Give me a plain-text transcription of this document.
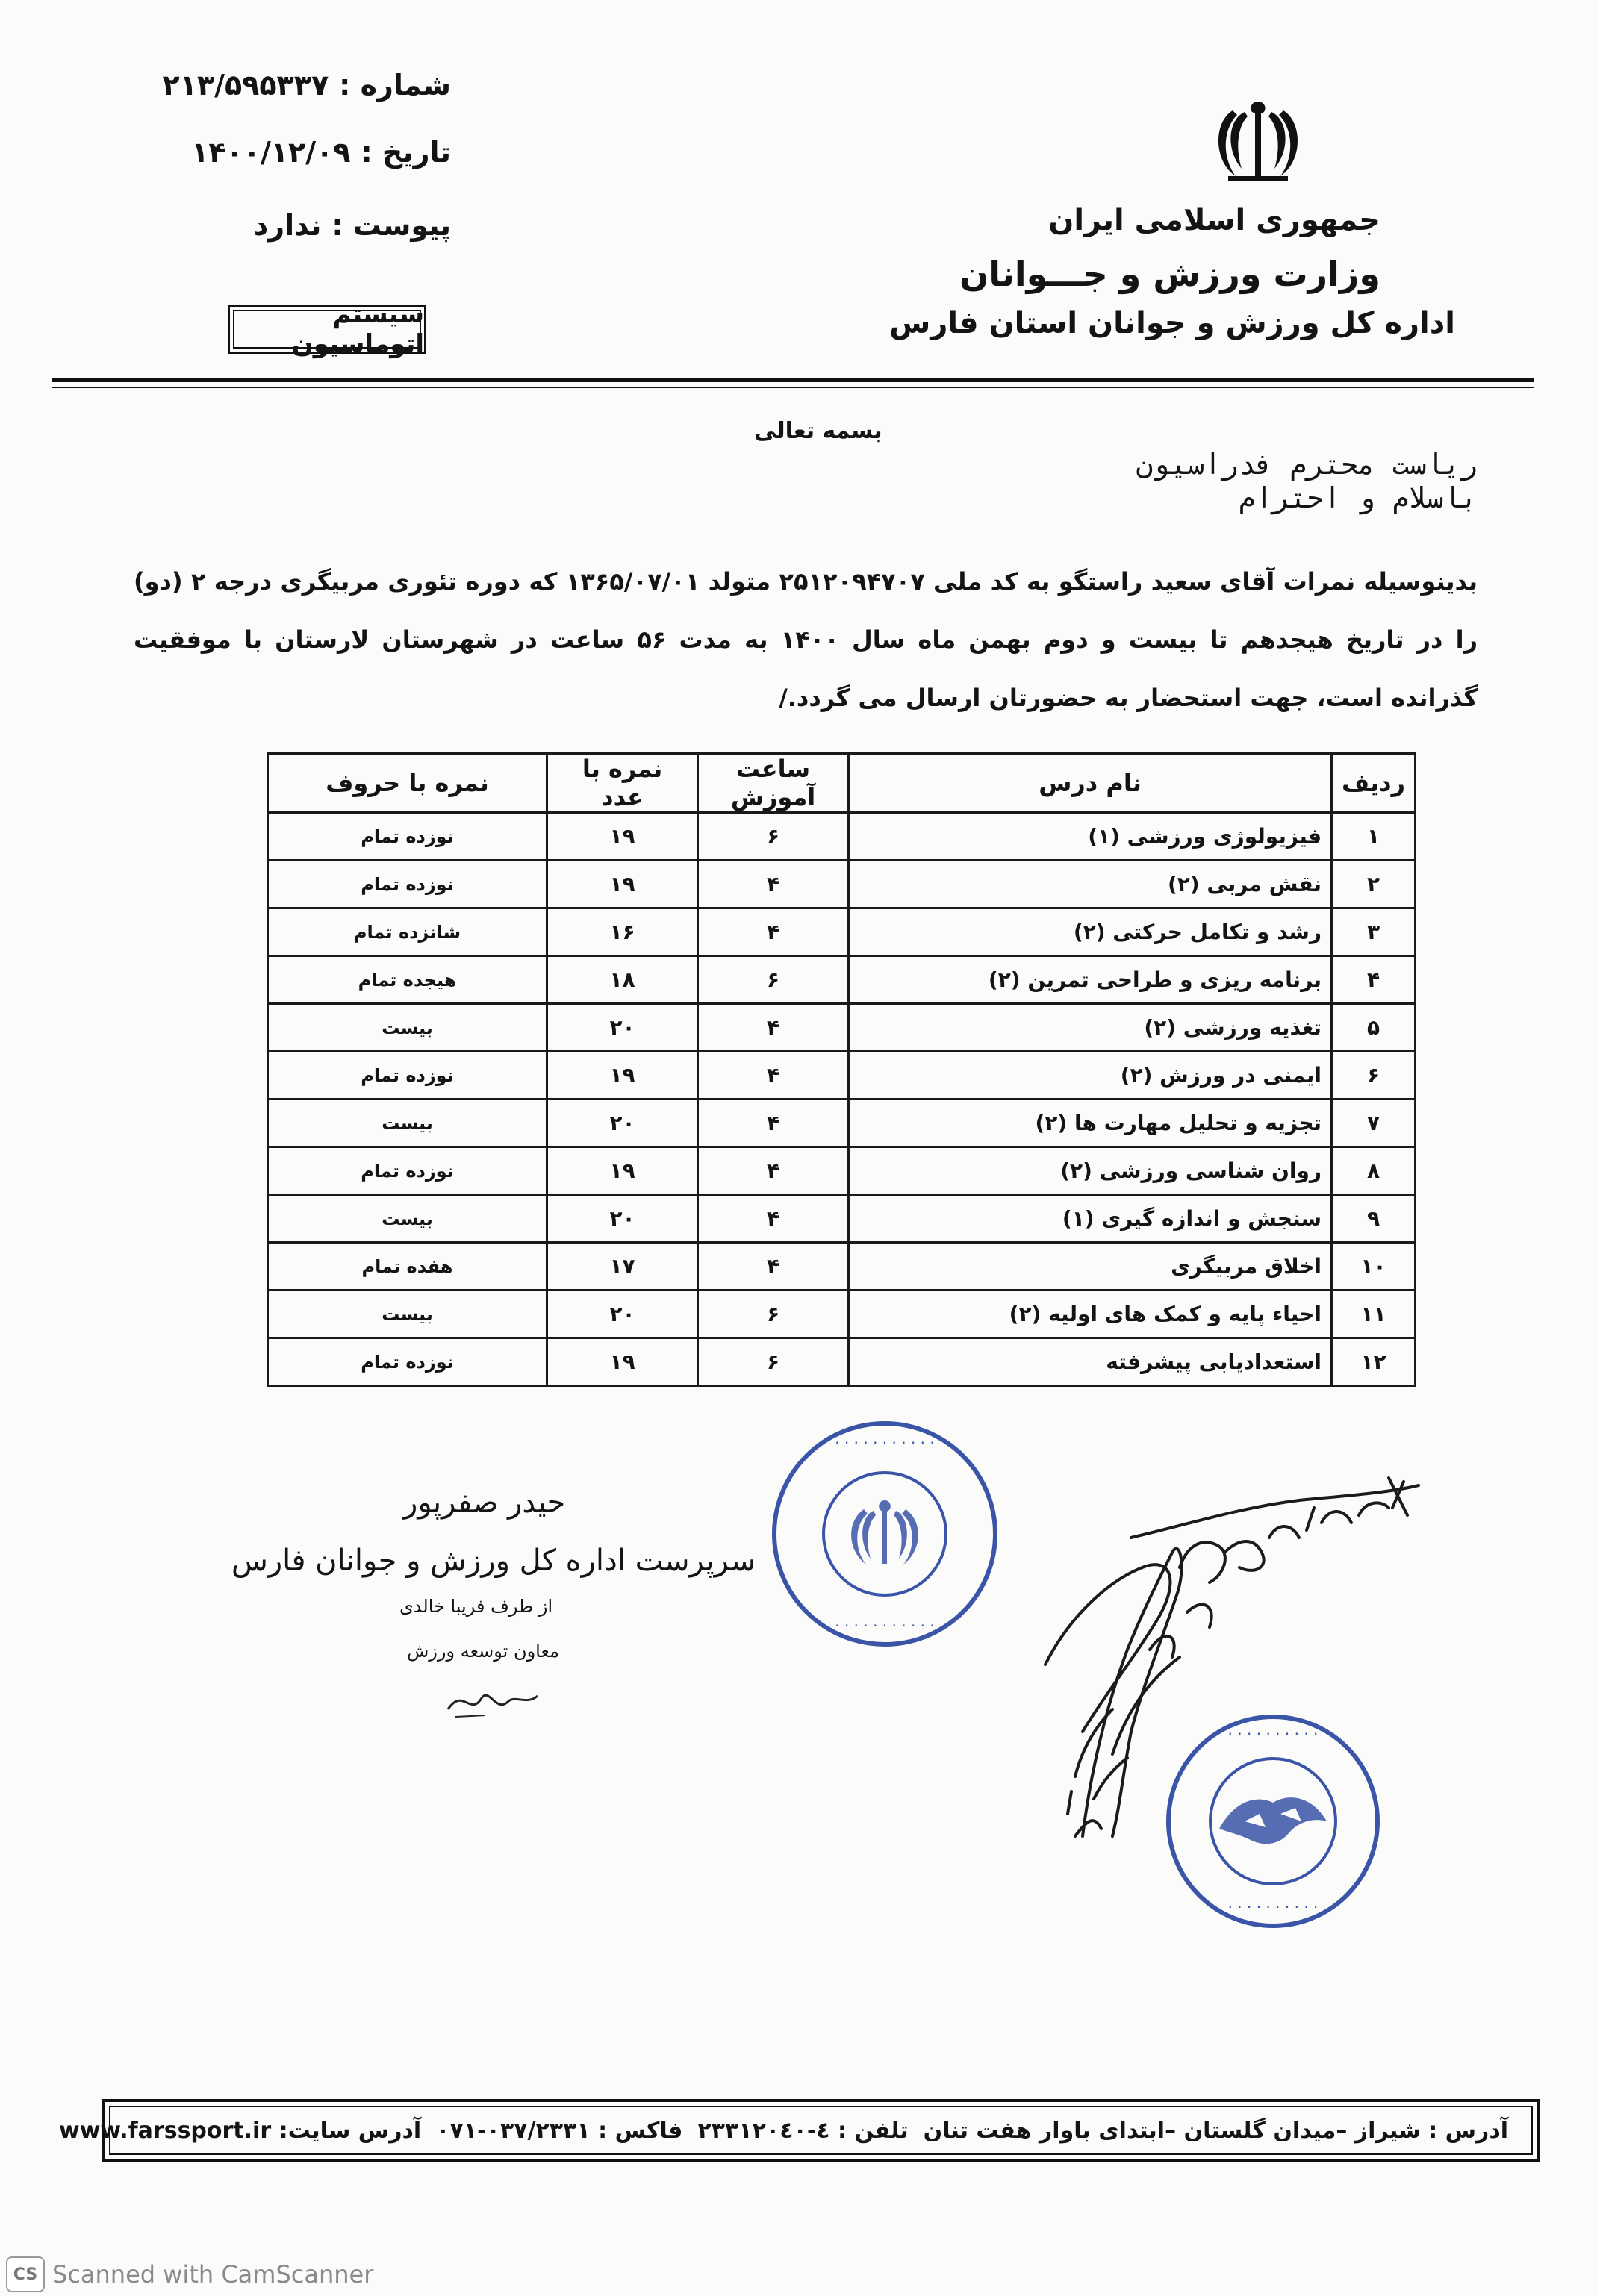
شماره :۲۱۳/۵۹۵۳۳۷
تاریخ :۱۴۰۰/۱۲/۰۹
پیوست :ندارد
سیستم اتوماسیون
جمهوری اسلامی ایران
وزارت ورزش و جـــوانان
اداره کل ورزش و جوانان استان فارس
بسمه تعالی
ریاست محترم فدراسیون
باسلام و احترام
بدینوسیله نمرات آقای سعید راستگو به کد ملی ۲۵۱۲۰۹۴۷۰۷ متولد ۱۳۶۵/۰۷/۰۱ که دوره تئوری مربیگری درجه ۲ (دو) را در تاریخ هیجدهم تا بیست و دوم بهمن ماه سال ۱۴۰۰ به مدت ۵۶ ساعت در شهرستان لارستان با موفقیت گذرانده است، جهت استحضار به حضورتان ارسال می گردد./
ردیف	نام درس	ساعت آموزش	نمره با عدد	نمره با حروف
۱	فیزیولوژی ورزشی (۱)	۶	۱۹	نوزده تمام
۲	نقش مربی (۲)	۴	۱۹	نوزده تمام
۳	رشد و تکامل حرکتی (۲)	۴	۱۶	شانزده تمام
۴	برنامه ریزی و طراحی تمرین (۲)	۶	۱۸	هیجده تمام
۵	تغذیه ورزشی (۲)	۴	۲۰	بیست
۶	ایمنی در ورزش (۲)	۴	۱۹	نوزده تمام
۷	تجزیه و تحلیل مهارت ها (۲)	۴	۲۰	بیست
۸	روان شناسی ورزشی (۲)	۴	۱۹	نوزده تمام
۹	سنجش و اندازه گیری (۱)	۴	۲۰	بیست
۱۰	اخلاق مربیگری	۴	۱۷	هفده تمام
۱۱	احیاء پایه و کمک های اولیه (۲)	۶	۲۰	بیست
۱۲	استعدادیابی پیشرفته	۶	۱۹	نوزده تمام
حیدر صفرپور
سرپرست اداره کل ورزش و جوانان فارس
از طرف فریبا خالدی
معاون توسعه ورزش
· · · · · · · · · · ·
· · · · · · · · · · ·
· · · · · · · · · ·
· · · · · · · · · ·
آدرس : شیراز –میدان گلستان –ابتدای باوار هفت تنان
تلفن : ٤-۲۳۳۱۲۰٤۰
فاکس : ۰۳۷/۲۳۳۱-۰۷۱
آدرس سایت: www.farssport.ir
CS Scanned with CamScanner
